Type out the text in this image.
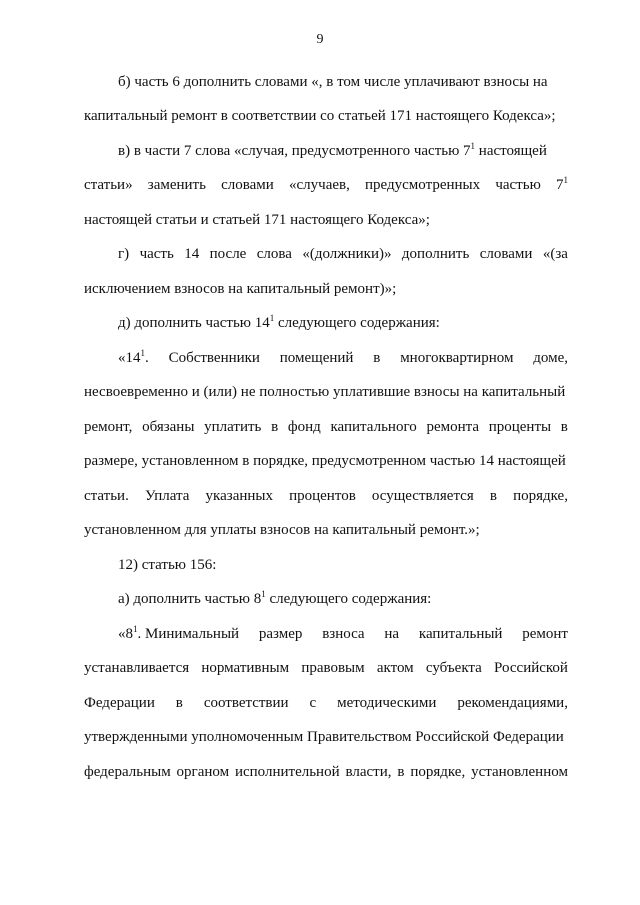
9
б) часть 6 дополнить словами «, в том числе уплачивают взносы на
капитальный ремонт в соответствии со статьей 171 настоящего Кодекса»;
в) в части 7 слова «случая, предусмотренного частью $7^1$ настоящей
статьи» заменить словами «случаев, предусмотренных частью $7^1$
настоящей статьи и статьей 171 настоящего Кодекса»;
г) часть 14 после слова «(должники)» дополнить словами «(за
исключением взносов на капитальный ремонт)»;
д) дополнить частью $14^1$ следующего содержания:
«$14^1$. Собственники помещений в многоквартирном доме,
несвоевременно и (или) не полностью уплатившие взносы на капитальный
ремонт, обязаны уплатить в фонд капитального ремонта проценты в
размере, установленном в порядке, предусмотренном частью 14 настоящей
статьи. Уплата указанных процентов осуществляется в порядке,
установленном для уплаты взносов на капитальный ремонт.»;
12) статью 156:
а) дополнить частью $8^1$ следующего содержания:
«$8^1$. Минимальный размер взноса на капитальный ремонт
устанавливается нормативным правовым актом субъекта Российской
Федерации в соответствии с методическими рекомендациями,
утвержденными уполномоченным Правительством Российской Федерации
федеральным органом исполнительной власти, в порядке, установленном
